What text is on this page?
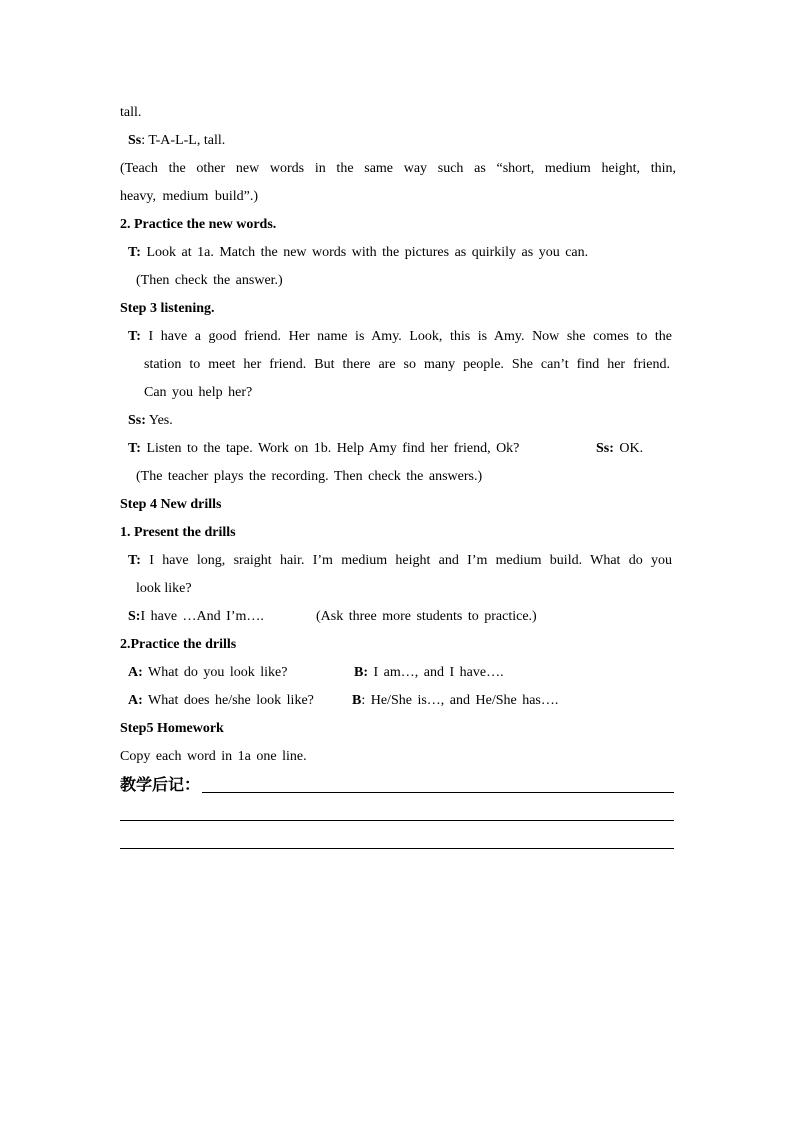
tall.
Ss: T-A-L-L, tall.
(Teach the other new words in the same way such as “short, medium height, thin,
heavy, medium build”.)
2. Practice the new words.
T: Look at 1a. Match the new words with the pictures as quirkily as you can.
(Then check the answer.)
Step 3 listening.
T: I have a good friend. Her name is Amy. Look, this is Amy. Now she comes to the
station to meet her friend. But there are so many people. She can’t find her friend.
Can you help her?
Ss: Yes.
T: Listen to the tape. Work on 1b. Help Amy find her friend, Ok?	Ss: OK.
(The teacher plays the recording. Then check the answers.)
Step 4 New drills
1. Present the drills
T: I have long, sraight hair. I’m medium height and I’m medium build. What do you
look like?
S:I have …And I’m….	(Ask three more students to practice.)
2.Practice the drills
A: What do you look like?	B: I am…, and I have….
A: What does he/she look like?	B: He/She is…, and He/She has….
Step5 Homework
Copy each word in 1a one line.
教学后记：
